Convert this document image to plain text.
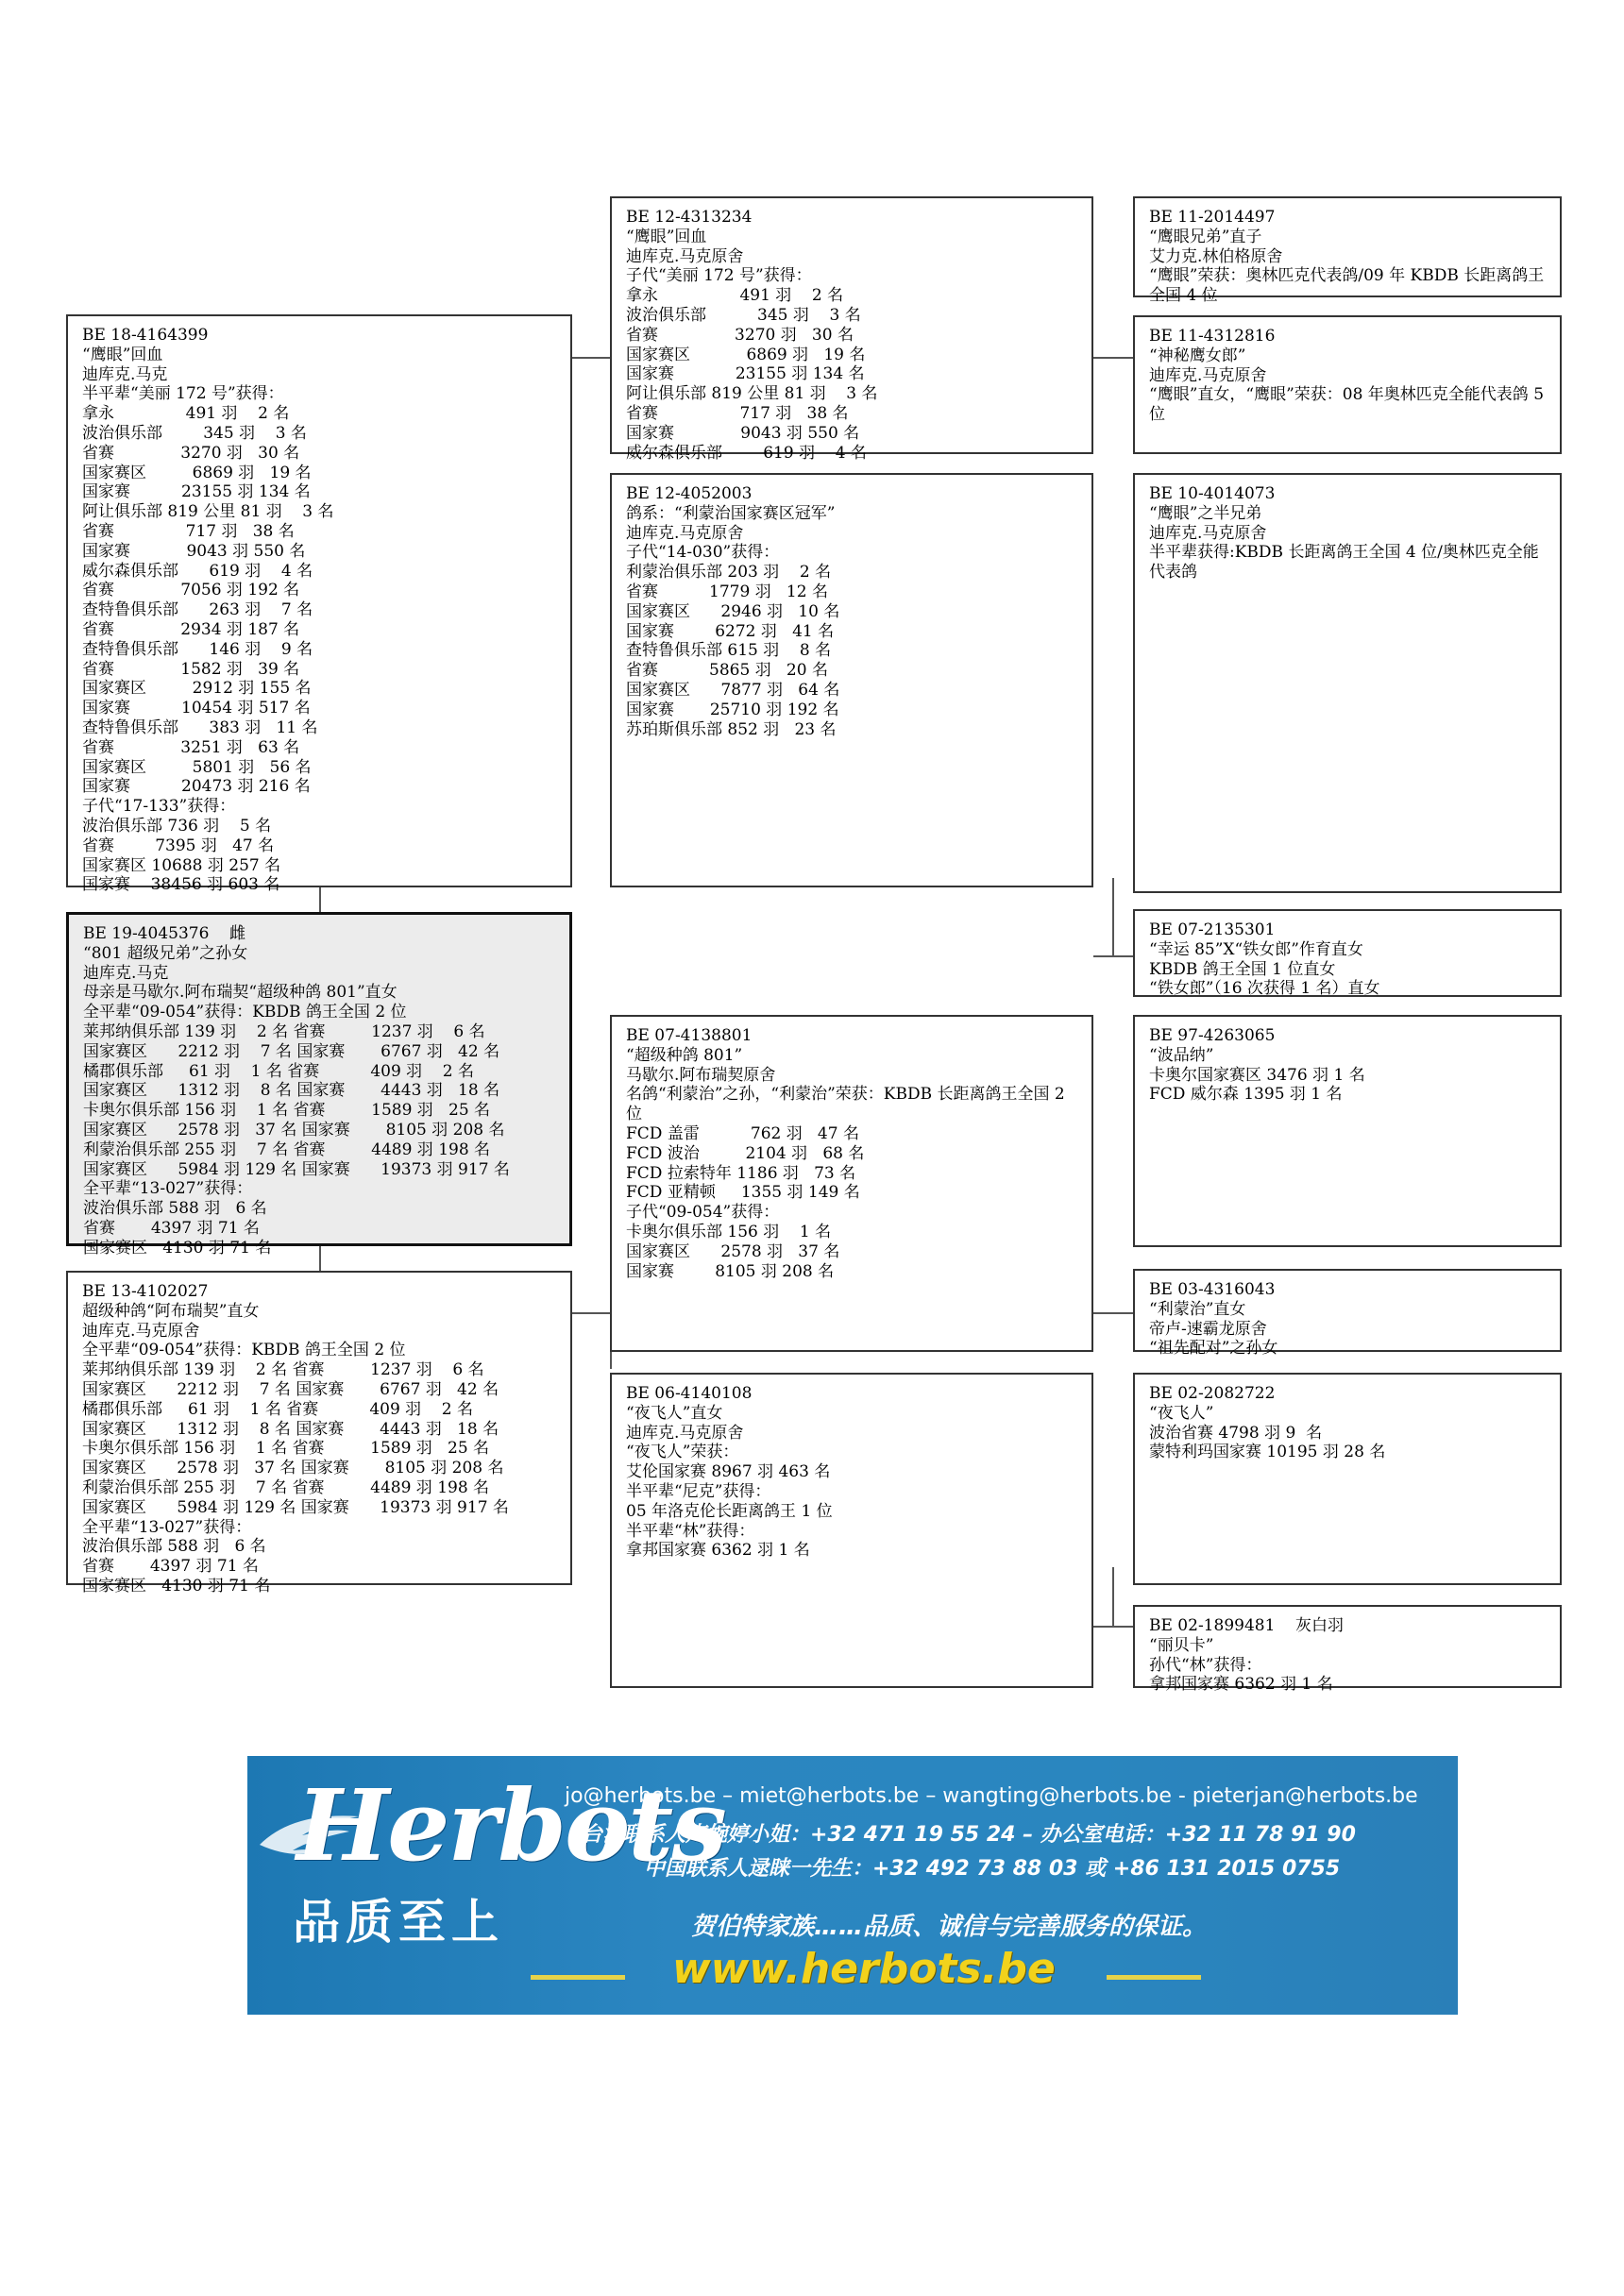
BE 18-4164399
“鹰眼”回血
迪库克.马克
半平辈“美丽 172 号”获得：
拿永              491 羽    2 名
波治俱乐部        345 羽    3 名
省赛             3270 羽   30 名
国家赛区         6869 羽   19 名
国家赛          23155 羽 134 名
阿让俱乐部 819 公里 81 羽    3 名
省赛              717 羽   38 名
国家赛           9043 羽 550 名
威尔森俱乐部      619 羽    4 名
省赛             7056 羽 192 名
查特鲁俱乐部      263 羽    7 名
省赛             2934 羽 187 名
查特鲁俱乐部      146 羽    9 名
省赛             1582 羽   39 名
国家赛区         2912 羽 155 名
国家赛          10454 羽 517 名
查特鲁俱乐部      383 羽   11 名
省赛             3251 羽   63 名
国家赛区         5801 羽   56 名
国家赛          20473 羽 216 名
子代“17-133”获得：
波治俱乐部 736 羽    5 名
省赛        7395 羽   47 名
国家赛区 10688 羽 257 名
国家赛    38456 羽 603 名
BE 19-4045376    雌
“801 超级兄弟”之孙女
迪库克.马克
母亲是马歇尔.阿布瑞契“超级种鸽 801”直女
全平辈“09-054”获得：KBDB 鸽王全国 2 位
莱邦纳俱乐部 139 羽    2 名 省赛         1237 羽    6 名
国家赛区      2212 羽    7 名 国家赛       6767 羽   42 名
橘郡俱乐部     61 羽    1 名 省赛          409 羽    2 名
国家赛区      1312 羽    8 名 国家赛       4443 羽   18 名
卡奥尔俱乐部 156 羽    1 名 省赛         1589 羽   25 名
国家赛区      2578 羽   37 名 国家赛       8105 羽 208 名
利蒙治俱乐部 255 羽    7 名 省赛         4489 羽 198 名
国家赛区      5984 羽 129 名 国家赛      19373 羽 917 名
全平辈“13-027”获得：
波治俱乐部 588 羽   6 名
省赛       4397 羽 71 名
国家赛区   4130 羽 71 名
BE 13-4102027
超级种鸽“阿布瑞契”直女
迪库克.马克原舍
全平辈“09-054”获得：KBDB 鸽王全国 2 位
莱邦纳俱乐部 139 羽    2 名 省赛         1237 羽    6 名
国家赛区      2212 羽    7 名 国家赛       6767 羽   42 名
橘郡俱乐部     61 羽    1 名 省赛          409 羽    2 名
国家赛区      1312 羽    8 名 国家赛       4443 羽   18 名
卡奥尔俱乐部 156 羽    1 名 省赛         1589 羽   25 名
国家赛区      2578 羽   37 名 国家赛       8105 羽 208 名
利蒙治俱乐部 255 羽    7 名 省赛         4489 羽 198 名
国家赛区      5984 羽 129 名 国家赛      19373 羽 917 名
全平辈“13-027”获得：
波治俱乐部 588 羽   6 名
省赛       4397 羽 71 名
国家赛区   4130 羽 71 名
BE 12-4313234
“鹰眼”回血
迪库克.马克原舍
子代“美丽 172 号”获得：
拿永                491 羽    2 名
波治俱乐部          345 羽    3 名
省赛               3270 羽   30 名
国家赛区           6869 羽   19 名
国家赛            23155 羽 134 名
阿让俱乐部 819 公里 81 羽    3 名
省赛                717 羽   38 名
国家赛             9043 羽 550 名
威尔森俱乐部        619 羽    4 名
BE 12-4052003
鸽系：“利蒙治国家赛区冠军”
迪库克.马克原舍
子代“14-030”获得：
利蒙治俱乐部 203 羽    2 名
省赛          1779 羽   12 名
国家赛区      2946 羽   10 名
国家赛        6272 羽   41 名
查特鲁俱乐部 615 羽    8 名
省赛          5865 羽   20 名
国家赛区      7877 羽   64 名
国家赛       25710 羽 192 名
苏珀斯俱乐部 852 羽   23 名
BE 07-4138801
“超级种鸽 801”
马歇尔.阿布瑞契原舍
名鸽“利蒙治”之孙，“利蒙治”荣获：KBDB 长距离鸽王全国 2 位
FCD 盖雷          762 羽   47 名
FCD 波治         2104 羽   68 名
FCD 拉索特年 1186 羽   73 名
FCD 亚精顿     1355 羽 149 名
子代“09-054”获得：
卡奥尔俱乐部 156 羽    1 名
国家赛区      2578 羽   37 名
国家赛        8105 羽 208 名
BE 06-4140108
“夜飞人”直女
迪库克.马克原舍
“夜飞人”荣获：
艾伦国家赛 8967 羽 463 名
半平辈“尼克”获得：
05 年洛克伦长距离鸽王 1 位
半平辈“林”获得：
拿邦国家赛 6362 羽 1 名
BE 11-2014497
“鹰眼兄弟”直子
艾力克.林伯格原舍
“鹰眼”荣获：奥林匹克代表鸽/09 年 KBDB 长距离鸽王全国 4 位
BE 11-4312816
“神秘鹰女郎”
迪库克.马克原舍
“鹰眼”直女，“鹰眼”荣获：08 年奥林匹克全能代表鸽 5 位
BE 10-4014073
“鹰眼”之半兄弟
迪库克.马克原舍
半平辈获得:KBDB 长距离鸽王全国 4 位/奥林匹克全能代表鸽
BE 07-2135301
“幸运 85”X“铁女郎”作育直女
KBDB 鸽王全国 1 位直女
“铁女郎”（16 次获得 1 名）直女
BE 97-4263065
“波品纳”
卡奥尔国家赛区 3476 羽 1 名
FCD 威尔森 1395 羽 1 名
BE 03-4316043
“利蒙治”直女
帝卢-速霸龙原舍
“祖先配对”之孙女
BE 02-2082722
“夜飞人”
波治省赛 4798 羽 9  名
蒙特利玛国家赛 10195 羽 28 名
BE 02-1899481    灰白羽
“丽贝卡”
孙代“林”获得：
拿邦国家赛 6362 羽 1 名
Herbots
品质至上
jo@herbots.be – miet@herbots.be – wangting@herbots.be - pieterjan@herbots.be
台湾联系人卢婉婷小姐：+32 471 19 55 24 – 办公室电话：+32 11 78 91 90
中国联系人逯睐一先生：+32 492 73 88 03 或 +86 131 2015 0755
贺伯特家族……品质、诚信与完善服务的保证。
www.herbots.be
